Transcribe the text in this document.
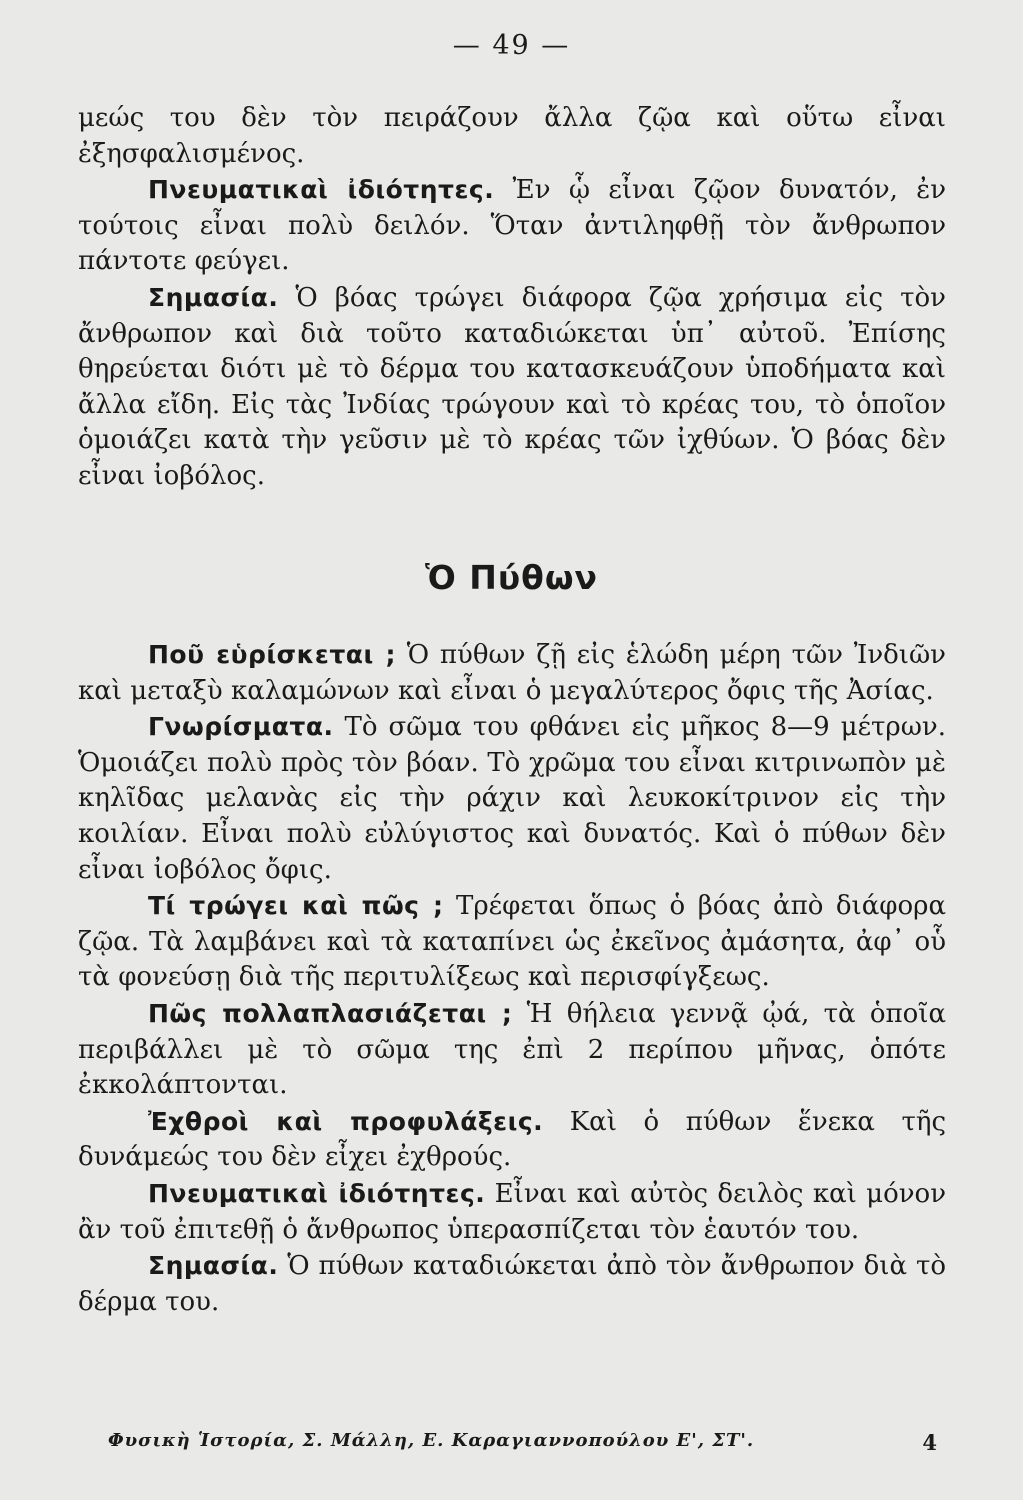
— 49 —

μεώς του δὲν τὸν πειράζουν ἄλλα ζῷα καὶ οὕτω εἶναι ἐξησφαλισμένος.

Πνευματικαὶ ἰδιότητες. Ἐν ᾧ εἶναι ζῷον δυνατόν, ἐν τούτοις εἶναι πολὺ δειλόν. Ὅταν ἀντιληφθῇ τὸν ἄνθρωπον πάντοτε φεύγει.

Σημασία. Ὁ βόας τρώγει διάφορα ζῷα χρήσιμα εἰς τὸν ἄνθρωπον καὶ διὰ τοῦτο καταδιώκεται ὑπ᾽ αὐτοῦ. Ἐπίσης θηρεύεται διότι μὲ τὸ δέρμα του κατασκευάζουν ὑποδήματα καὶ ἄλλα εἴδη. Εἰς τὰς Ἰνδίας τρώγουν καὶ τὸ κρέας του, τὸ ὁποῖον ὁμοιάζει κατὰ τὴν γεῦσιν μὲ τὸ κρέας τῶν ἰχθύων. Ὁ βόας δὲν εἶναι ἰοβόλος.

Ὁ Πύθων

Ποῦ εὑρίσκεται ; Ὁ πύθων ζῇ εἰς ἑλώδη μέρη τῶν Ἰνδιῶν καὶ μεταξὺ καλαμώνων καὶ εἶναι ὁ μεγαλύτερος ὄφις τῆς Ἀσίας.

Γνωρίσματα. Τὸ σῶμα του φθάνει εἰς μῆκος 8—9 μέτρων. Ὁμοιάζει πολὺ πρὸς τὸν βόαν. Τὸ χρῶμα του εἶναι κιτρινωπὸν μὲ κηλῖδας μελανὰς εἰς τὴν ράχιν καὶ λευκοκίτρινον εἰς τὴν κοιλίαν. Εἶναι πολὺ εὐλύγιστος καὶ δυνατός. Καὶ ὁ πύθων δὲν εἶναι ἰοβόλος ὄφις.

Τί τρώγει καὶ πῶς ; Τρέφεται ὅπως ὁ βόας ἀπὸ διάφορα ζῷα. Τὰ λαμβάνει καὶ τὰ καταπίνει ὡς ἐκεῖνος ἀμάσητα, ἀφ᾽ οὗ τὰ φονεύσῃ διὰ τῆς περιτυλίξεως καὶ περισφίγξεως.

Πῶς πολλαπλασιάζεται ; Ἡ θήλεια γεννᾷ ᾠά, τὰ ὁποῖα περιβάλλει μὲ τὸ σῶμα της ἐπὶ 2 περίπου μῆνας, ὁπότε ἐκκολάπτονται.

Ἐχθροὶ καὶ προφυλάξεις. Καὶ ὁ πύθων ἕνεκα τῆς δυνάμεώς του δὲν εἶχει ἐχθρούς.

Πνευματικαὶ ἰδιότητες. Εἶναι καὶ αὐτὸς δειλὸς καὶ μόνον ἂν τοῦ ἐπιτεθῇ ὁ ἄνθρωπος ὑπερασπίζεται τὸν ἑαυτόν του.

Σημασία. Ὁ πύθων καταδιώκεται ἀπὸ τὸν ἄνθρωπον διὰ τὸ δέρμα του.

Φυσικὴ Ἱστορία, Σ. Μάλλη, Ε. Καραγιαννοπούλου Ε', ΣΤ'.	4
